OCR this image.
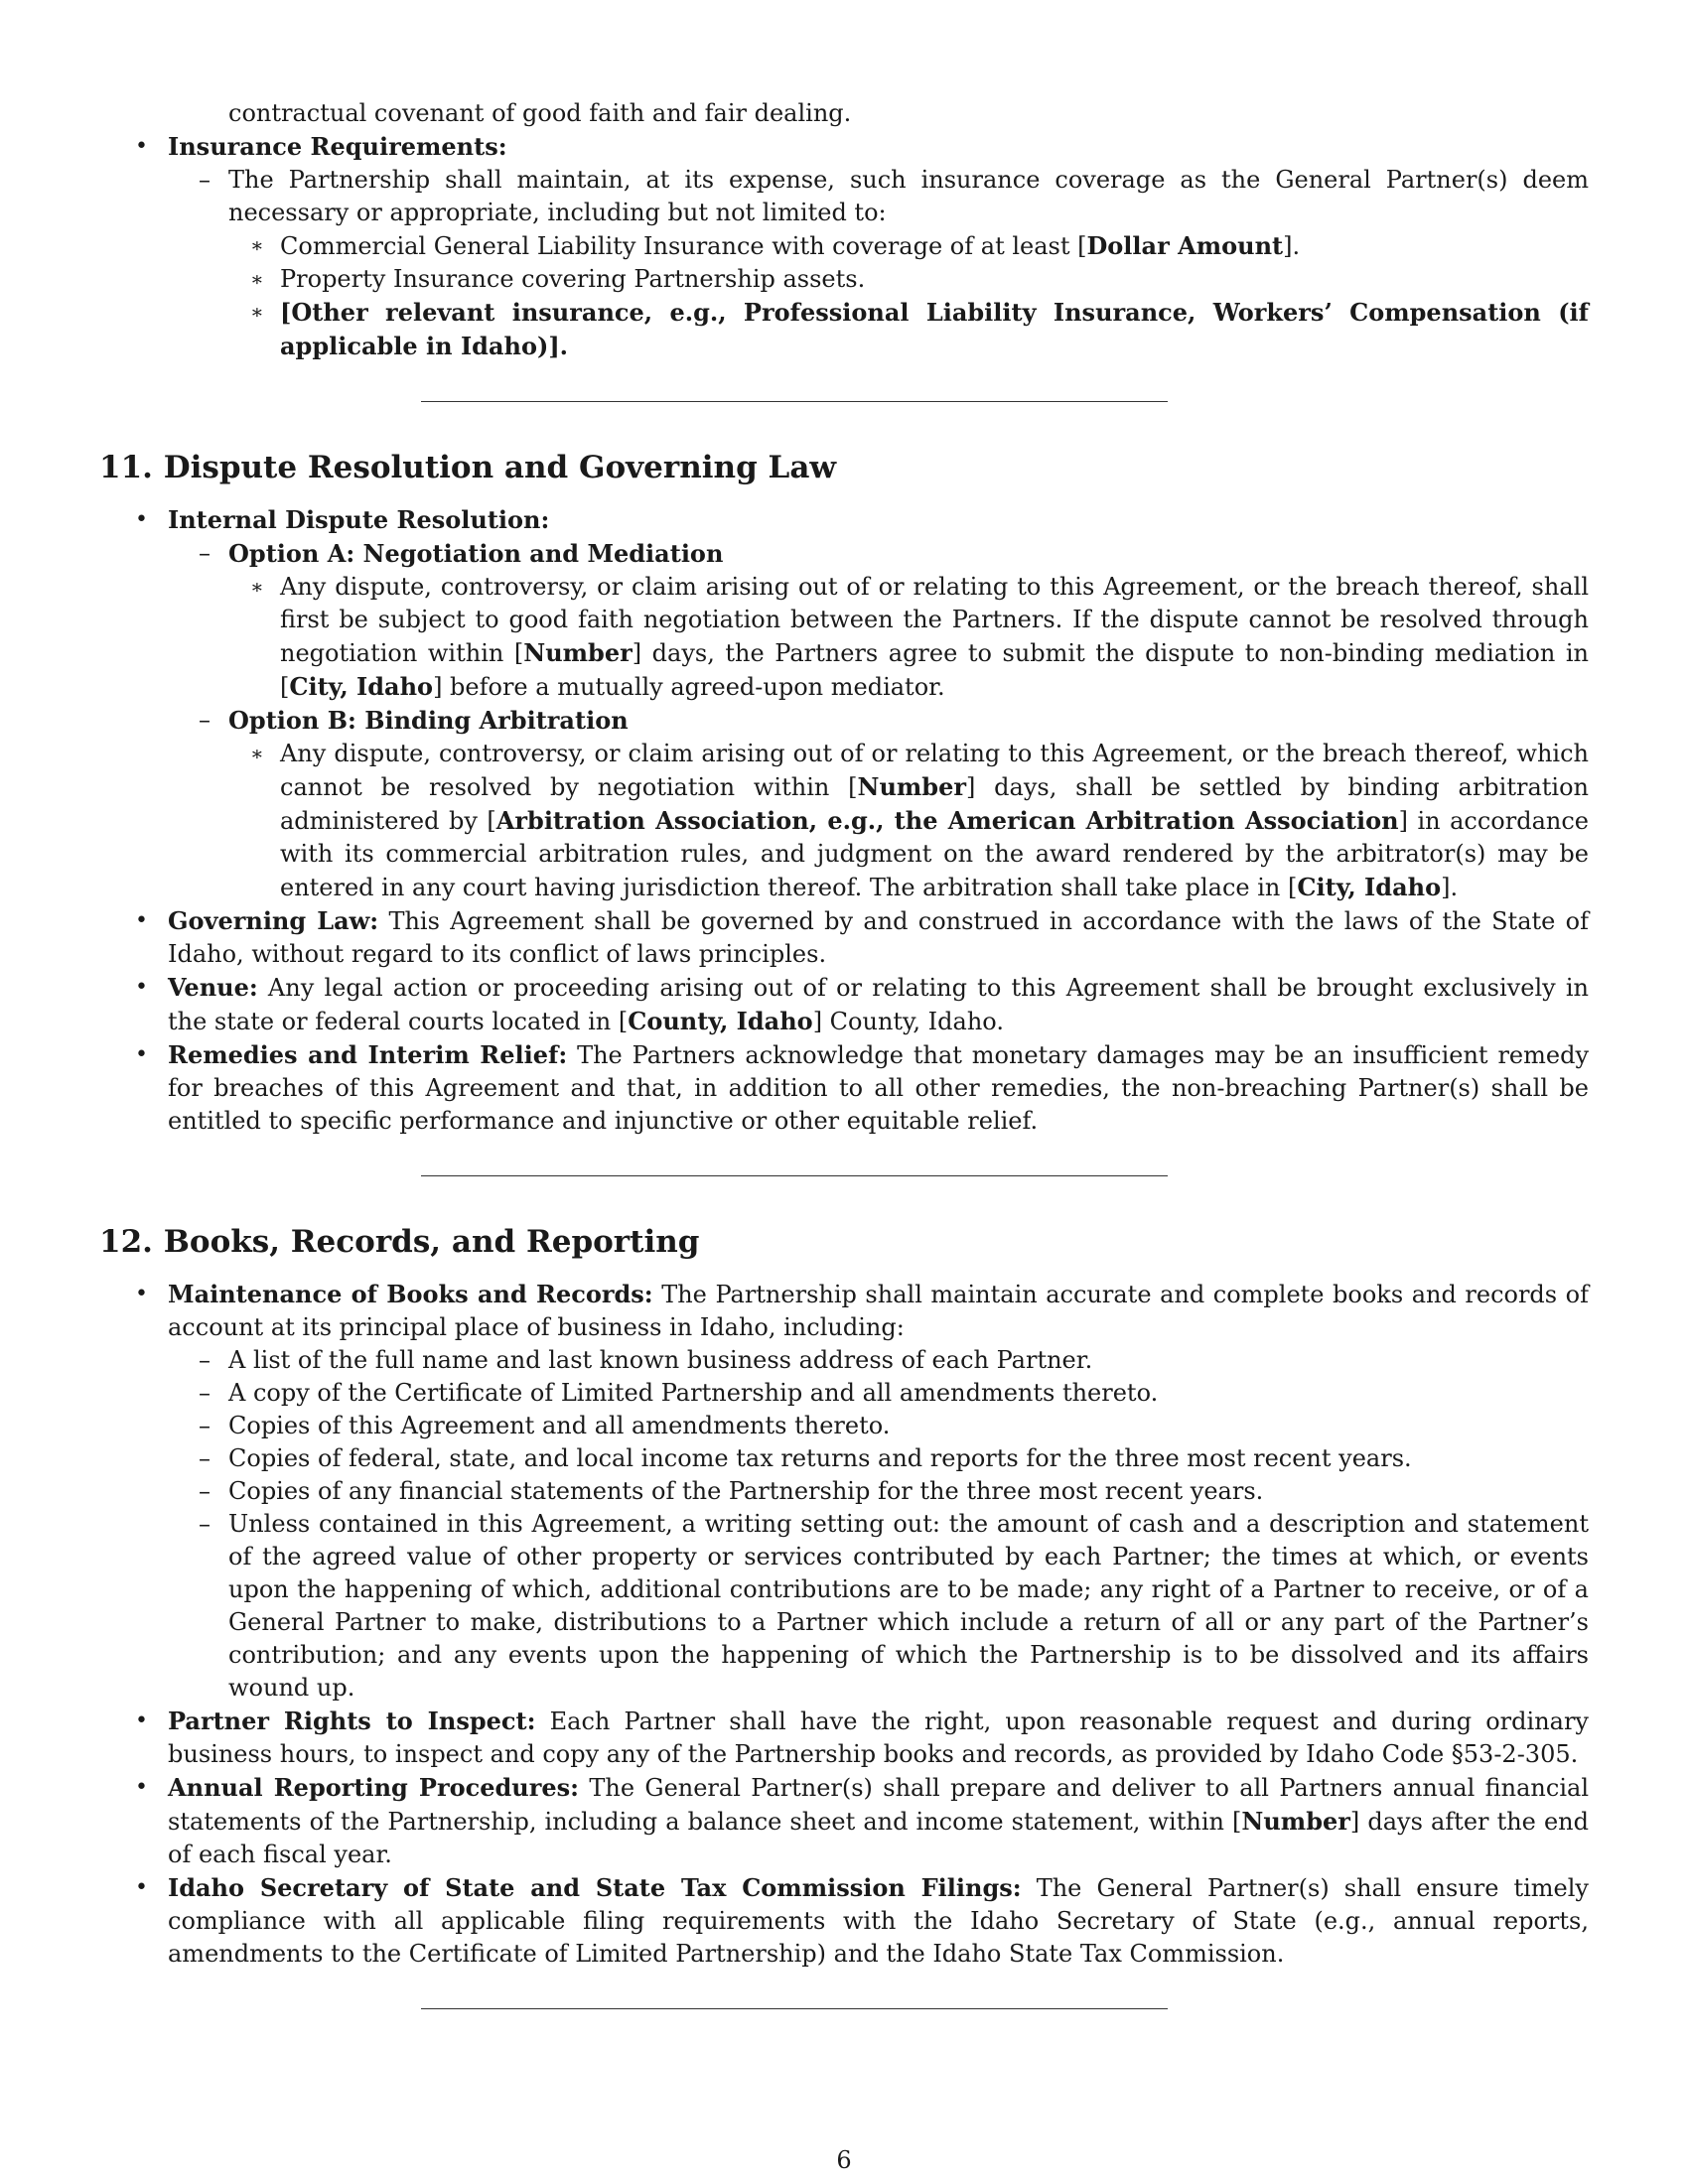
contractual covenant of good faith and fair dealing.
• Insurance Requirements:
– The Partnership shall maintain, at its expense, such insurance coverage as the General Partner(s) deem necessary or appropriate, including but not limited to:
∗ Commercial General Liability Insurance with coverage of at least [Dollar Amount].
∗ Property Insurance covering Partnership assets.
∗ [Other relevant insurance, e.g., Professional Liability Insurance, Workers’ Compensation (if applicable in Idaho)].
11. Dispute Resolution and Governing Law
• Internal Dispute Resolution:
– Option A: Negotiation and Mediation
∗ Any dispute, controversy, or claim arising out of or relating to this Agreement, or the breach thereof, shall first be subject to good faith negotiation between the Partners. If the dispute cannot be resolved through negotiation within [Number] days, the Partners agree to submit the dispute to non-binding mediation in [City, Idaho] before a mutually agreed-upon mediator.
– Option B: Binding Arbitration
∗ Any dispute, controversy, or claim arising out of or relating to this Agreement, or the breach thereof, which cannot be resolved by negotiation within [Number] days, shall be settled by binding arbitration administered by [Arbitration Association, e.g., the American Arbitration Association] in accordance with its commercial arbitration rules, and judgment on the award rendered by the arbitrator(s) may be entered in any court having jurisdiction thereof. The arbitration shall take place in [City, Idaho].
• Governing Law: This Agreement shall be governed by and construed in accordance with the laws of the State of Idaho, without regard to its conflict of laws principles.
• Venue: Any legal action or proceeding arising out of or relating to this Agreement shall be brought exclusively in the state or federal courts located in [County, Idaho] County, Idaho.
• Remedies and Interim Relief: The Partners acknowledge that monetary damages may be an insufficient remedy for breaches of this Agreement and that, in addition to all other remedies, the non-breaching Partner(s) shall be entitled to specific performance and injunctive or other equitable relief.
12. Books, Records, and Reporting
• Maintenance of Books and Records: The Partnership shall maintain accurate and complete books and records of account at its principal place of business in Idaho, including:
– A list of the full name and last known business address of each Partner.
– A copy of the Certificate of Limited Partnership and all amendments thereto.
– Copies of this Agreement and all amendments thereto.
– Copies of federal, state, and local income tax returns and reports for the three most recent years.
– Copies of any financial statements of the Partnership for the three most recent years.
– Unless contained in this Agreement, a writing setting out: the amount of cash and a description and statement of the agreed value of other property or services contributed by each Partner; the times at which, or events upon the happening of which, additional contributions are to be made; any right of a Partner to receive, or of a General Partner to make, distributions to a Partner which include a return of all or any part of the Partner’s contribution; and any events upon the happening of which the Partnership is to be dissolved and its affairs wound up.
• Partner Rights to Inspect: Each Partner shall have the right, upon reasonable request and during ordinary business hours, to inspect and copy any of the Partnership books and records, as provided by Idaho Code §53-2-305.
• Annual Reporting Procedures: The General Partner(s) shall prepare and deliver to all Partners annual financial statements of the Partnership, including a balance sheet and income statement, within [Number] days after the end of each fiscal year.
• Idaho Secretary of State and State Tax Commission Filings: The General Partner(s) shall ensure timely compliance with all applicable filing requirements with the Idaho Secretary of State (e.g., annual reports, amendments to the Certificate of Limited Partnership) and the Idaho State Tax Commission.
6
